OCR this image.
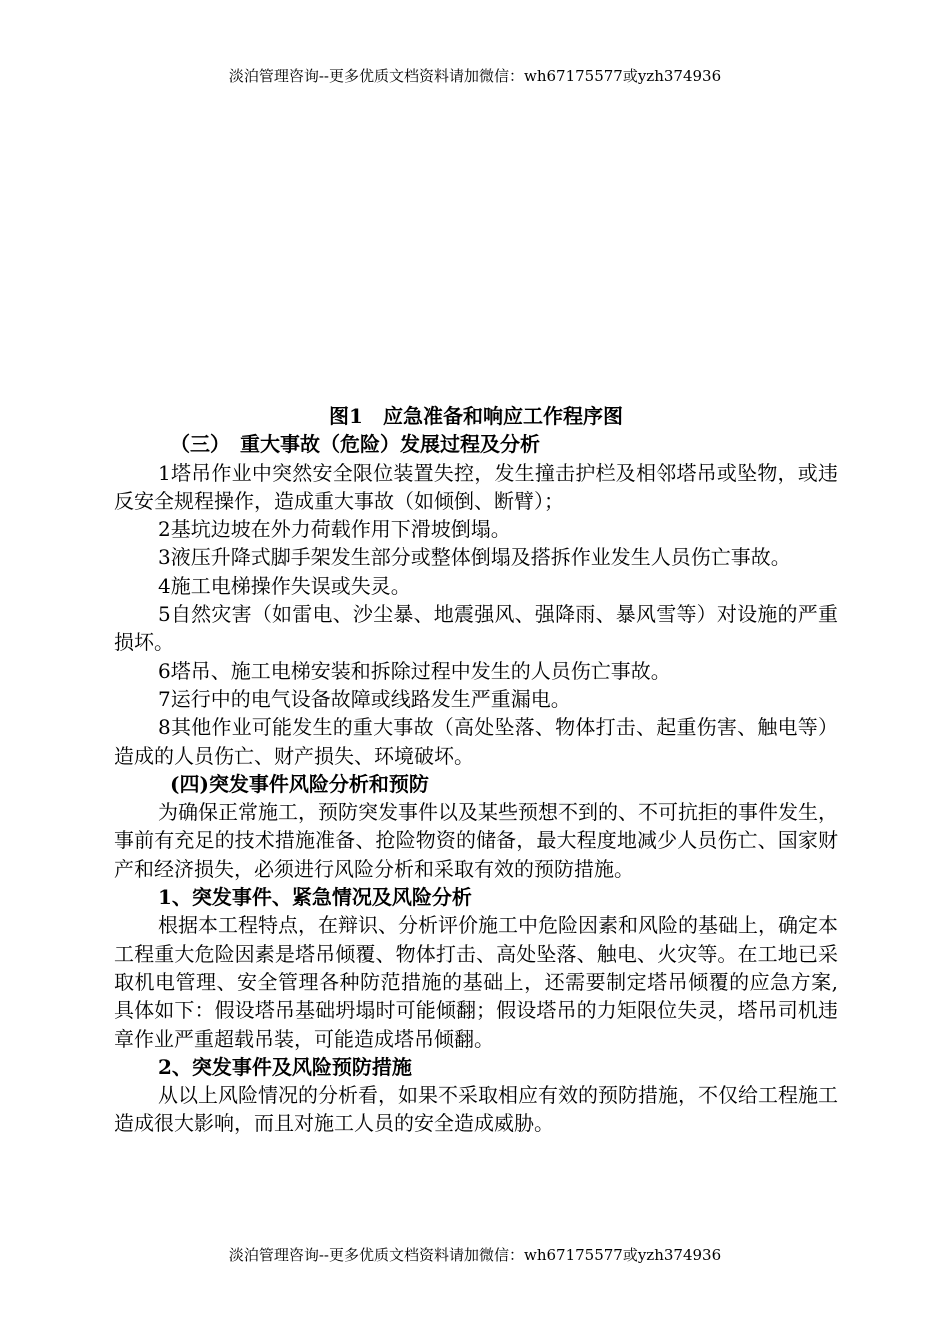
淡泊管理咨询--更多优质文档资料请加微信：wh67175577或yzh374936

图1　应急准备和响应工作程序图

（三）　重大事故（危险）发展过程及分析

1塔吊作业中突然安全限位装置失控，发生撞击护栏及相邻塔吊或坠物，或违反安全规程操作，造成重大事故（如倾倒、断臂）；

2基坑边坡在外力荷载作用下滑坡倒塌。

3液压升降式脚手架发生部分或整体倒塌及搭拆作业发生人员伤亡事故。

4施工电梯操作失误或失灵。

5自然灾害（如雷电、沙尘暴、地震强风、强降雨、暴风雪等）对设施的严重损坏。

6塔吊、施工电梯安装和拆除过程中发生的人员伤亡事故。

7运行中的电气设备故障或线路发生严重漏电。

8其他作业可能发生的重大事故（高处坠落、物体打击、起重伤害、触电等）造成的人员伤亡、财产损失、环境破坏。

(四)突发事件风险分析和预防

为确保正常施工，预防突发事件以及某些预想不到的、不可抗拒的事件发生，事前有充足的技术措施准备、抢险物资的储备，最大程度地减少人员伤亡、国家财产和经济损失，必须进行风险分析和采取有效的预防措施。

1、突发事件、紧急情况及风险分析

根据本工程特点，在辩识、分析评价施工中危险因素和风险的基础上，确定本工程重大危险因素是塔吊倾覆、物体打击、高处坠落、触电、火灾等。在工地已采取机电管理、安全管理各种防范措施的基础上，还需要制定塔吊倾覆的应急方案,具体如下：假设塔吊基础坍塌时可能倾翻；假设塔吊的力矩限位失灵，塔吊司机违章作业严重超载吊装，可能造成塔吊倾翻。

2、突发事件及风险预防措施

从以上风险情况的分析看，如果不采取相应有效的预防措施，不仅给工程施工造成很大影响，而且对施工人员的安全造成威胁。

淡泊管理咨询--更多优质文档资料请加微信：wh67175577或yzh374936
